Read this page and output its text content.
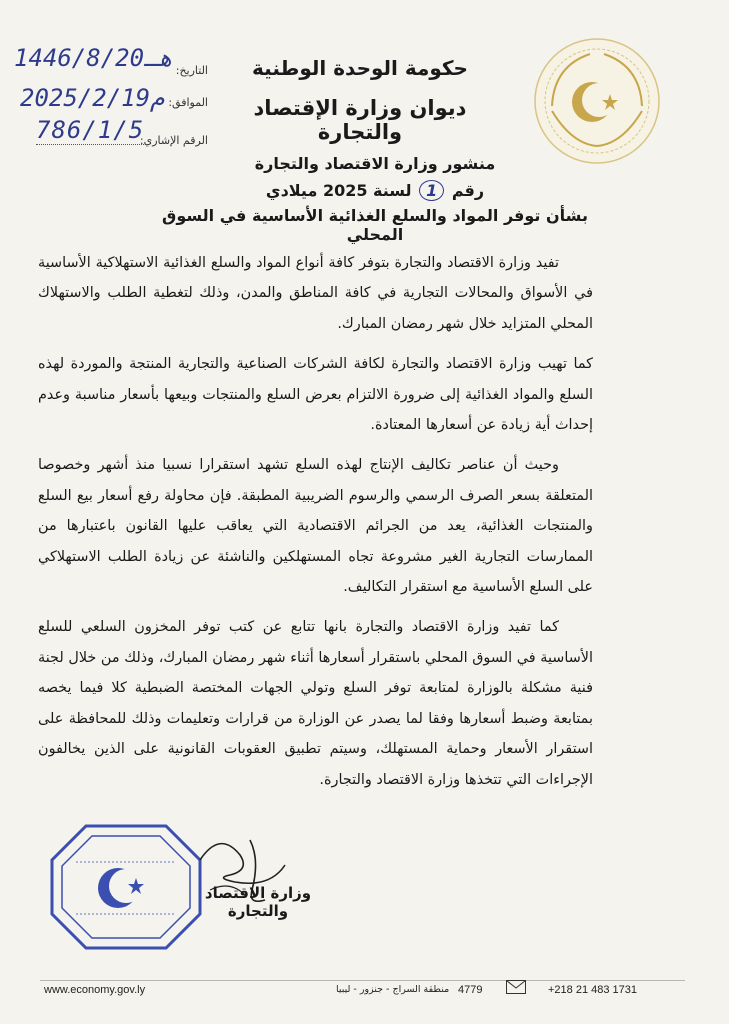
حكومة الوحدة الوطنية
ديوان وزارة الإقتصاد والتجارة
التاريخ:
1446/8/20هـ
الموافق:
2025/2/19م
الرقم الإشاري:
786/1/5
منشور وزارة الاقتصاد والتجارة
رقم 1 لسنة 2025 ميلادي
بشأن توفر المواد والسلع الغذائية الأساسية في السوق المحلي

تفيد وزارة الاقتصاد والتجارة بتوفر كافة أنواع المواد والسلع الغذائية الاستهلاكية الأساسية في الأسواق والمحالات التجارية في كافة المناطق والمدن، وذلك لتغطية الطلب والاستهلاك المحلي المتزايد خلال شهر رمضان المبارك.

كما تهيب وزارة الاقتصاد والتجارة لكافة الشركات الصناعية والتجارية المنتجة والموردة لهذه السلع والمواد الغذائية إلى ضرورة الالتزام بعرض السلع والمنتجات وبيعها بأسعار مناسبة وعدم إحداث أية زيادة عن أسعارها المعتادة.

وحيث أن عناصر تكاليف الإنتاج لهذه السلع تشهد استقرارا نسبيا منذ أشهر وخصوصا المتعلقة بسعر الصرف الرسمي والرسوم الضريبية المطبقة. فإن محاولة رفع أسعار بيع السلع والمنتجات الغذائية، يعد من الجرائم الاقتصادية التي يعاقب عليها القانون باعتبارها من الممارسات التجارية الغير مشروعة تجاه المستهلكين والناشئة عن زيادة الطلب الاستهلاكي على السلع الأساسية مع استقرار التكاليف.

كما تفيد وزارة الاقتصاد والتجارة بانها تتابع عن كتب توفر المخزون السلعي للسلع الأساسية في السوق المحلي باستقرار أسعارها أثناء شهر رمضان المبارك، وذلك من خلال لجنة فنية مشكلة بالوزارة لمتابعة توفر السلع وتولي الجهات المختصة الضبطية كلا فيما يخصه بمتابعة وضبط أسعارها وفقا لما يصدر عن الوزارة من قرارات وتعليمات وذلك للمحافظة على استقرار الأسعار وحماية المستهلك، وسيتم تطبيق العقوبات القانونية على الذين يخالفون الإجراءات التي تتخذها وزارة الاقتصاد والتجارة.

وزارة الاقتصاد والتجارة
www.economy.gov.ly	منطقة السراج - جنزور - ليبيا 4779	+218 21 483 1731
